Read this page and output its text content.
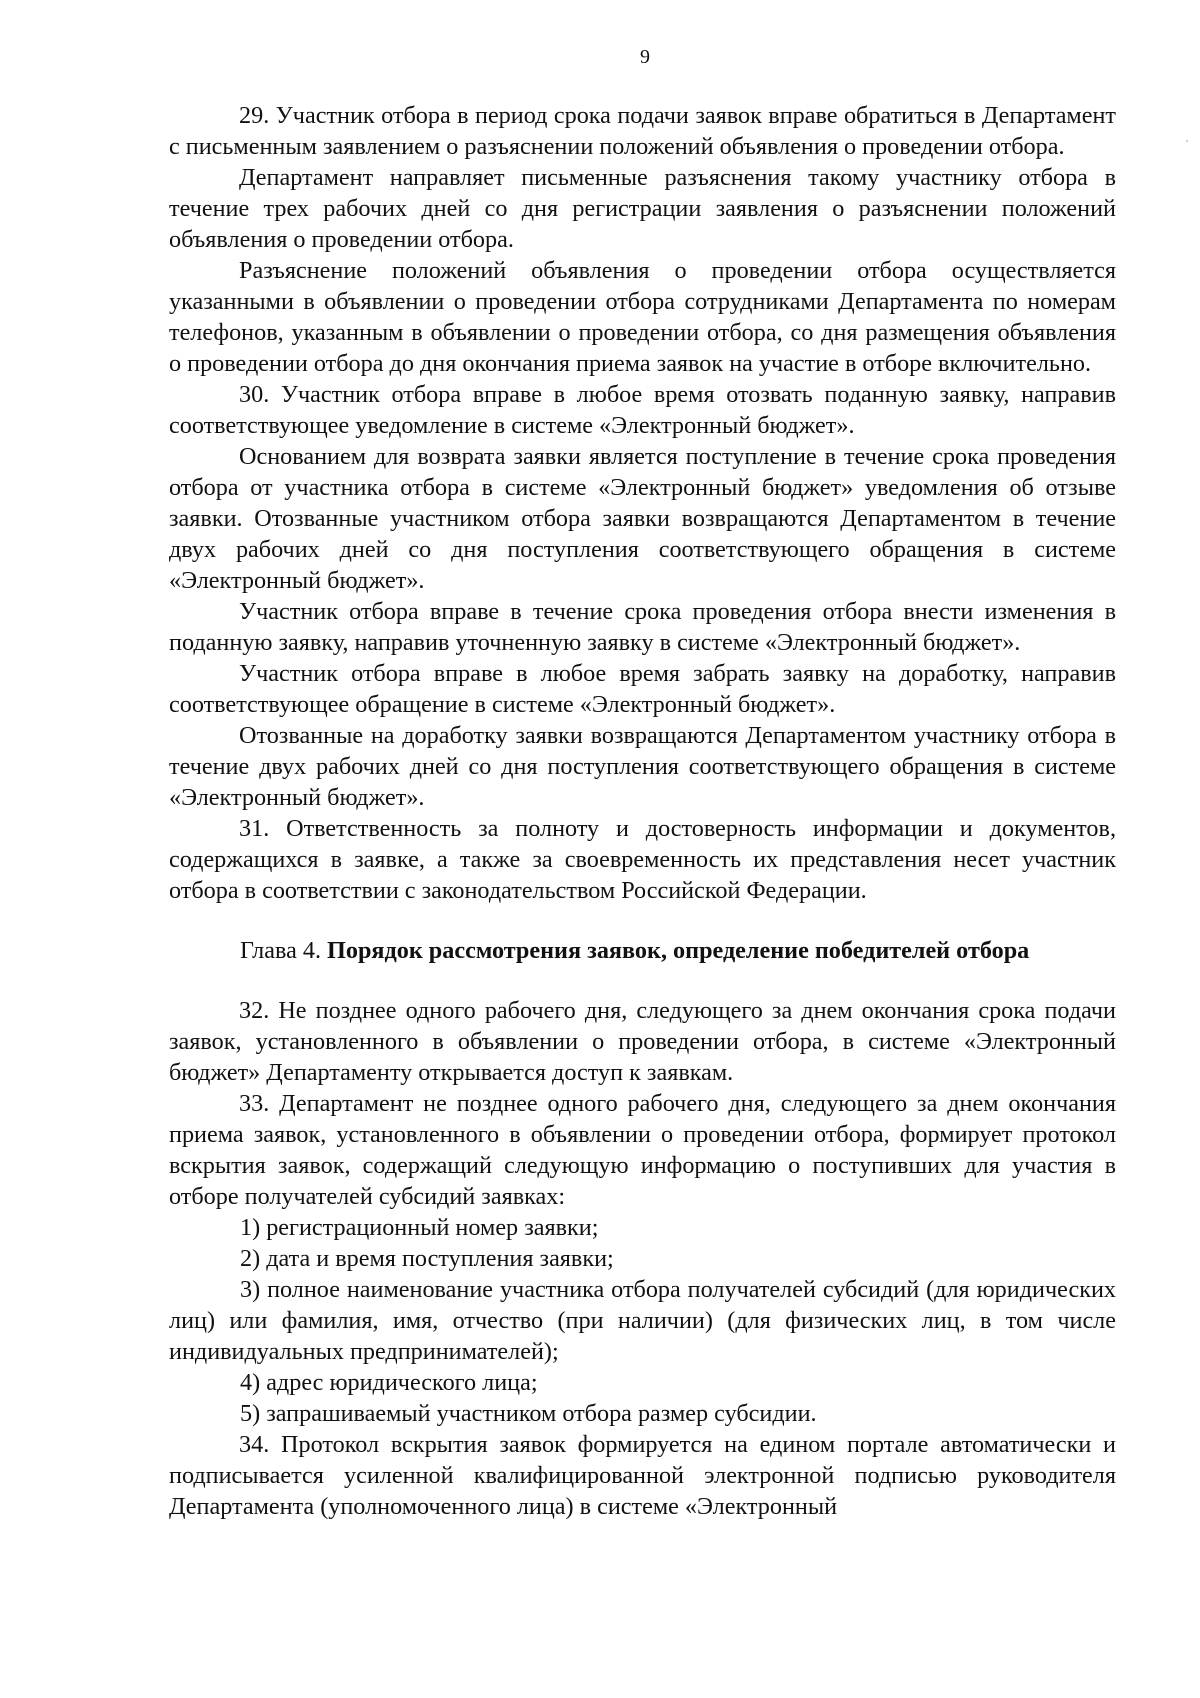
9

29. Участник отбора в период срока подачи заявок вправе обратиться в Департамент с письменным заявлением о разъяснении положений объявления о проведении отбора.

Департамент направляет письменные разъяснения такому участнику отбора в течение трех рабочих дней со дня регистрации заявления о разъяснении положений объявления о проведении отбора.

Разъяснение положений объявления о проведении отбора осуществляется указанными в объявлении о проведении отбора сотрудниками Департамента по номерам телефонов, указанным в объявлении о проведении отбора, со дня размещения объявления о проведении отбора до дня окончания приема заявок на участие в отборе включительно.

30. Участник отбора вправе в любое время отозвать поданную заявку, направив соответствующее уведомление в системе «Электронный бюджет».

Основанием для возврата заявки является поступление в течение срока проведения отбора от участника отбора в системе «Электронный бюджет» уведомления об отзыве заявки. Отозванные участником отбора заявки возвращаются Департаментом в течение двух рабочих дней со дня поступления соответствующего обращения в системе «Электронный бюджет».

Участник отбора вправе в течение срока проведения отбора внести изменения в поданную заявку, направив уточненную заявку в системе «Электронный бюджет».

Участник отбора вправе в любое время забрать заявку на доработку, направив соответствующее обращение в системе «Электронный бюджет».

Отозванные на доработку заявки возвращаются Департаментом участнику отбора в течение двух рабочих дней со дня поступления соответствующего обращения в системе «Электронный бюджет».

31. Ответственность за полноту и достоверность информации и документов, содержащихся в заявке, а также за своевременность их представления несет участник отбора в соответствии с законодательством Российской Федерации.

Глава 4. Порядок рассмотрения заявок, определение победителей отбора

32. Не позднее одного рабочего дня, следующего за днем окончания срока подачи заявок, установленного в объявлении о проведении отбора, в системе «Электронный бюджет» Департаменту открывается доступ к заявкам.

33. Департамент не позднее одного рабочего дня, следующего за днем окончания приема заявок, установленного в объявлении о проведении отбора, формирует протокол вскрытия заявок, содержащий следующую информацию о поступивших для участия в отборе получателей субсидий заявках:

1) регистрационный номер заявки;

2) дата и время поступления заявки;

3) полное наименование участника отбора получателей субсидий (для юридических лиц) или фамилия, имя, отчество (при наличии) (для физических лиц, в том числе индивидуальных предпринимателей);

4) адрес юридического лица;

5) запрашиваемый участником отбора размер субсидии.

34. Протокол вскрытия заявок формируется на едином портале автоматически и подписывается усиленной квалифицированной электронной подписью руководителя Департамента (уполномоченного лица) в системе «Электронный
